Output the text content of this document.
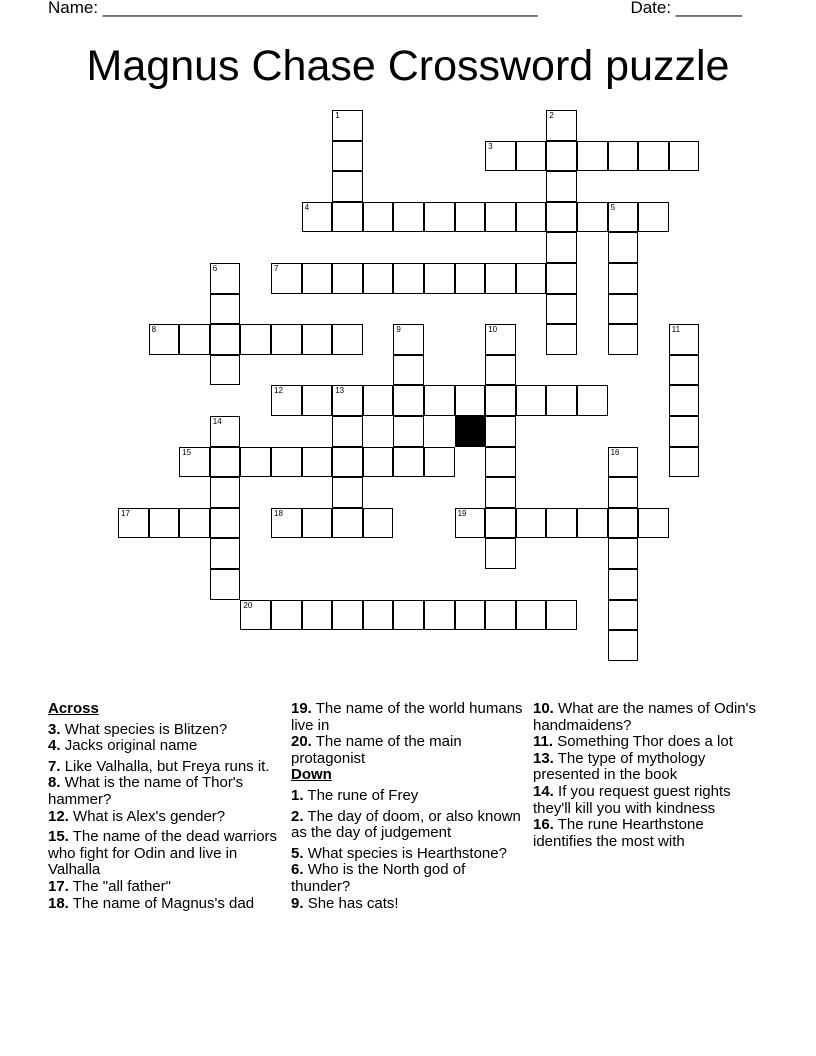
Name: ______________________________________________	Date: _______
Magnus Chase Crossword puzzle
1	2
3
4	5
6	7
8	9	10	11
12	13
14
15	16
17	18	19
20

Across

3. What species is Blitzen?

4. Jacks original name

7. Like Valhalla, but Freya runs it.

8. What is the name of Thor's hammer?

12. What is Alex's gender?

15. The name of the dead warriors who fight for Odin and live in Valhalla

17. The "all father"

18. The name of Magnus's dad

19. The name of the world humans live in

20. The name of the main protagonist

Down

1. The rune of Frey

2. The day of doom, or also known as the day of judgement

5. What species is Hearthstone?

6. Who is the North god of thunder?

9. She has cats!

10. What are the names of Odin's handmaidens?

11. Something Thor does a lot

13. The type of mythology presented in the book

14. If you request guest rights they'll kill you with kindness

16. The rune Hearthstone identifies the most with
